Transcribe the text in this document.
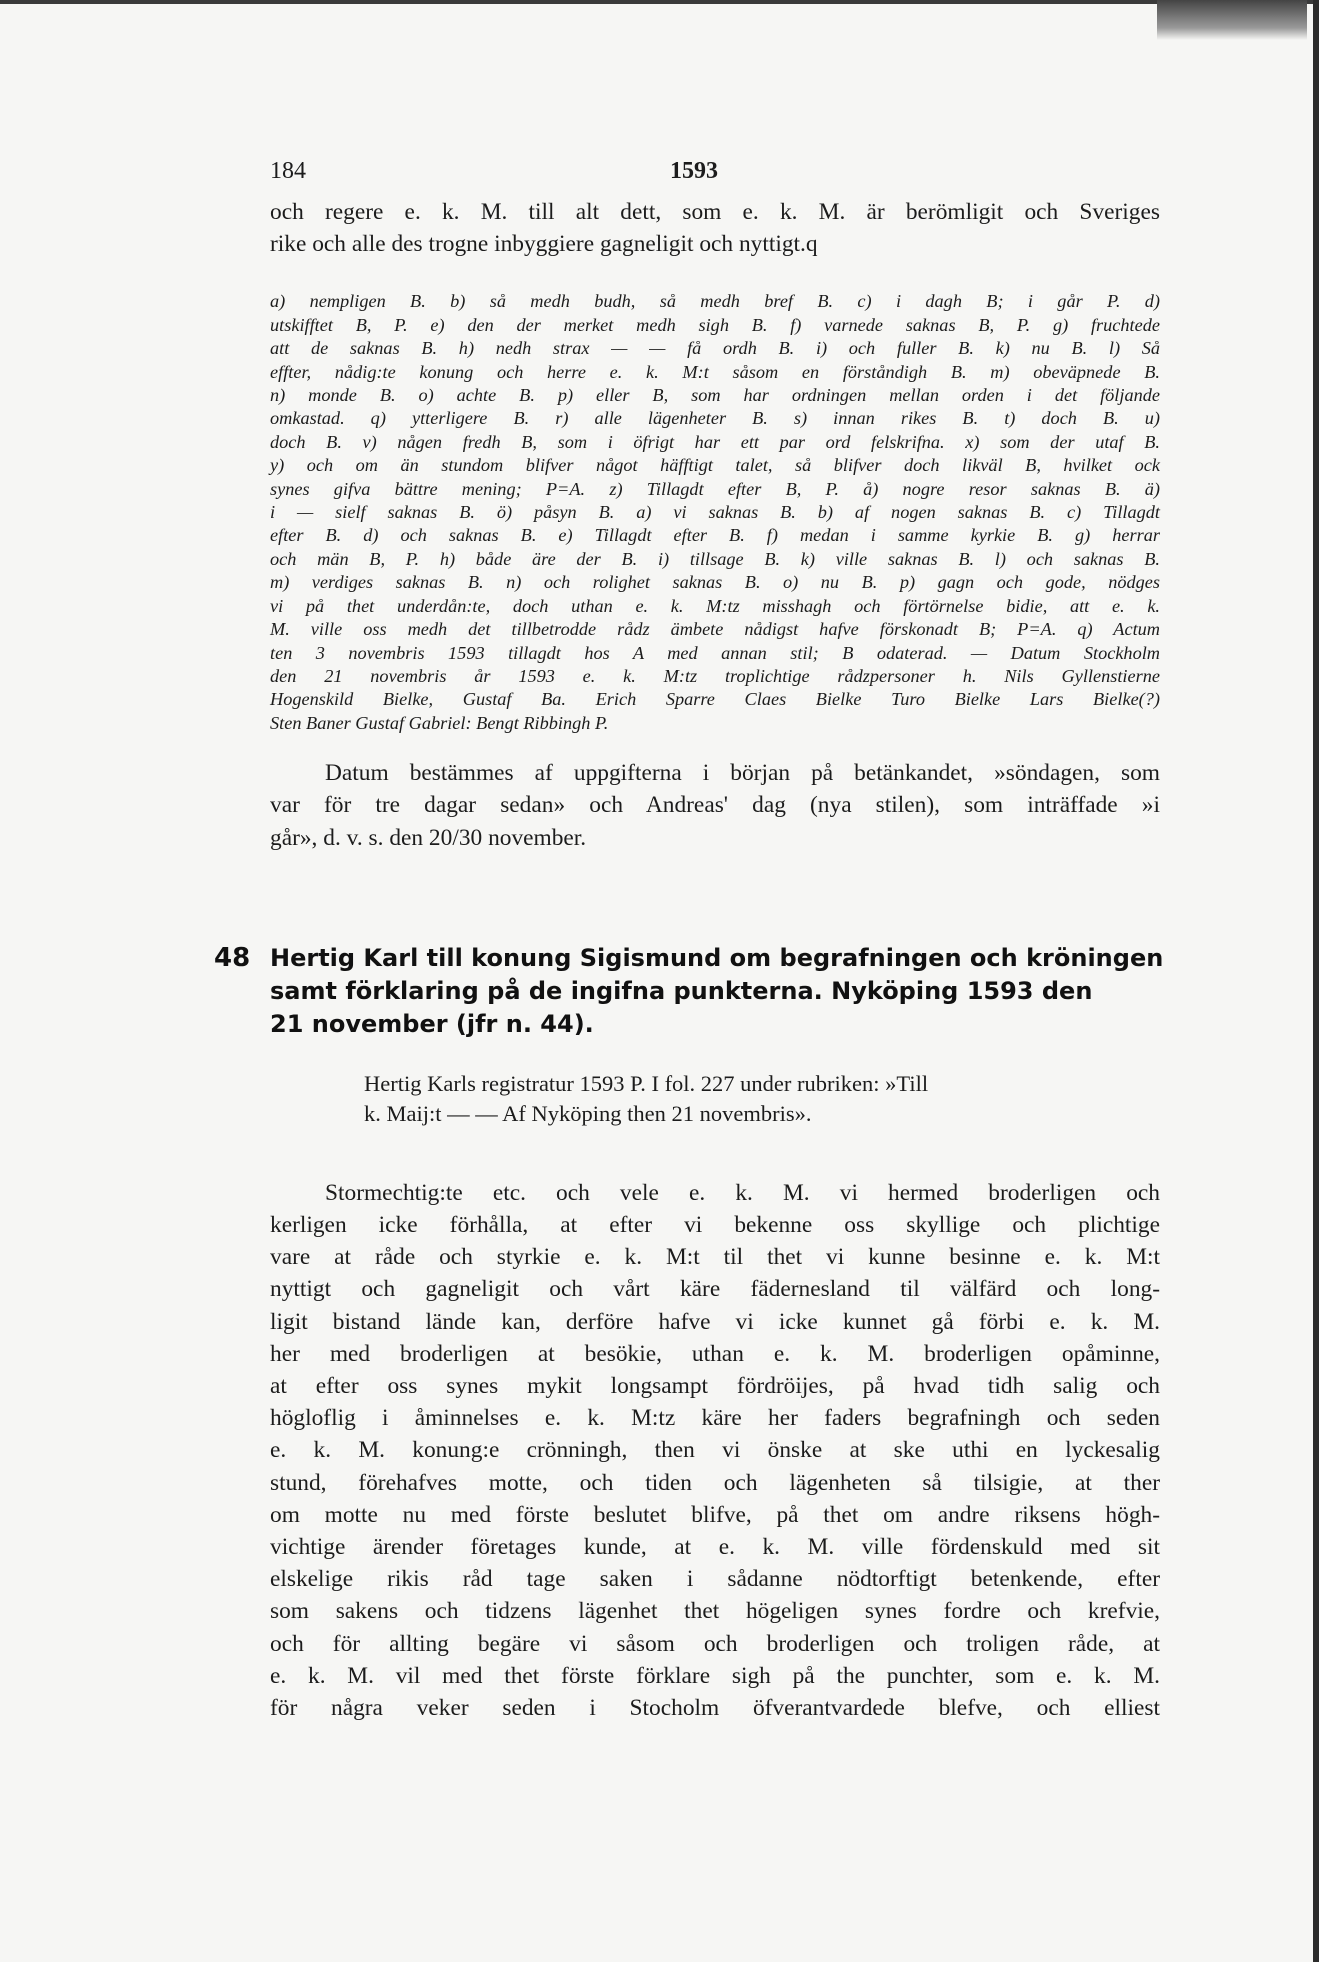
184	1593
och regere e. k. M. till alt dett, som e. k. M. är berömligit och Sveriges
rike och alle des trogne inbyggiere gagneligit och nyttigt.q
a) nempligen B. b) så medh budh, så medh bref B. c) i dagh B; i går P. d)
utskifftet B, P. e) den der merket medh sigh B. f) varnede saknas B, P. g) fruchtede
att de saknas B. h) nedh strax — — få ordh B. i) och fuller B. k) nu B. l) Så
effter, nådig:te konung och herre e. k. M:t såsom en förståndigh B. m) obeväpnede B.
n) monde B. o) achte B. p) eller B, som har ordningen mellan orden i det följande
omkastad. q) ytterligere B. r) alle lägenheter B. s) innan rikes B. t) doch B. u)
doch B. v) någen fredh B, som i öfrigt har ett par ord felskrifna. x) som der utaf B.
y) och om än stundom blifver något häfftigt talet, så blifver doch likväl B, hvilket ock
synes gifva bättre mening; P=A. z) Tillagdt efter B, P. å) nogre resor saknas B. ä)
i — sielf saknas B. ö) påsyn B. a) vi saknas B. b) af nogen saknas B. c) Tillagdt
efter B. d) och saknas B. e) Tillagdt efter B. f) medan i samme kyrkie B. g) herrar
och män B, P. h) både äre der B. i) tillsage B. k) ville saknas B. l) och saknas B.
m) verdiges saknas B. n) och rolighet saknas B. o) nu B. p) gagn och gode, nödges
vi på thet underdån:te, doch uthan e. k. M:tz misshagh och förtörnelse bidie, att e. k.
M. ville oss medh det tillbetrodde rådz ämbete nådigst hafve förskonadt B; P=A. q) Actum
ten 3 novembris 1593 tillagdt hos A med annan stil; B odaterad. — Datum Stockholm
den 21 novembris år 1593 e. k. M:tz troplichtige rådzpersoner h. Nils Gyllenstierne
Hogenskild Bielke, Gustaf Ba. Erich Sparre Claes Bielke Turo Bielke Lars Bielke(?)
Sten Baner Gustaf Gabriel: Bengt Ribbingh P.
Datum bestämmes af uppgifterna i början på betänkandet, »söndagen, som
var för tre dagar sedan» och Andreas' dag (nya stilen), som inträffade »i
går», d. v. s. den 20/30 november.
48 Hertig Karl till konung Sigismund om begrafningen och kröningen
samt förklaring på de ingifna punkterna. Nyköping 1593 den
21 november (jfr n. 44).
Hertig Karls registratur 1593 P. I fol. 227 under rubriken: »Till
k. Maij:t — — Af Nyköping then 21 novembris».
Stormechtig:te etc. och vele e. k. M. vi hermed broderligen och
kerligen icke förhålla, at efter vi bekenne oss skyllige och plichtige
vare at råde och styrkie e. k. M:t til thet vi kunne besinne e. k. M:t
nyttigt och gagneligit och vårt käre fädernesland til välfärd och long-
ligit bistand lände kan, derföre hafve vi icke kunnet gå förbi e. k. M.
her med broderligen at besökie, uthan e. k. M. broderligen opåminne,
at efter oss synes mykit longsampt fördröijes, på hvad tidh salig och
högloflig i åminnelses e. k. M:tz käre her faders begrafningh och seden
e. k. M. konung:e crönningh, then vi önske at ske uthi en lyckesalig
stund, förehafves motte, och tiden och lägenheten så tilsigie, at ther
om motte nu med förste beslutet blifve, på thet om andre riksens högh-
vichtige ärender företages kunde, at e. k. M. ville fördenskuld med sit
elskelige rikis råd tage saken i sådanne nödtorftigt betenkende, efter
som sakens och tidzens lägenhet thet högeligen synes fordre och krefvie,
och för allting begäre vi såsom och broderligen och troligen råde, at
e. k. M. vil med thet förste förklare sigh på the punchter, som e. k. M.
för några veker seden i Stocholm öfverantvardede blefve, och elliest
